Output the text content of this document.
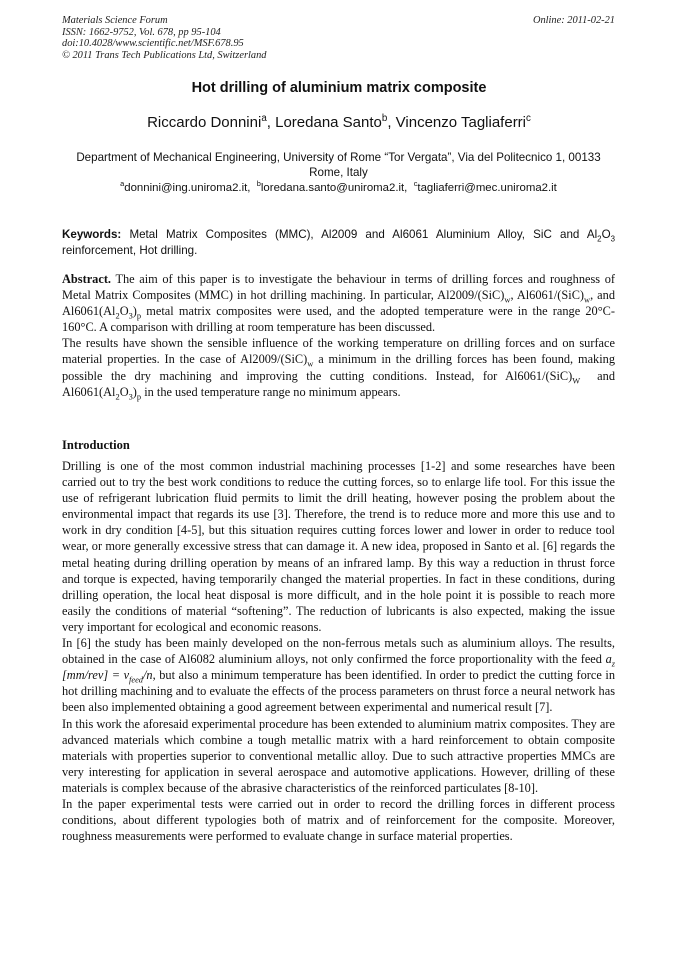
Materials Science Forum
ISSN: 1662-9752, Vol. 678, pp 95-104
doi:10.4028/www.scientific.net/MSF.678.95
© 2011 Trans Tech Publications Ltd, Switzerland
Online: 2011-02-21
Hot drilling of aluminium matrix composite
Riccardo Donnini$^a$, Loredana Santo$^b$, Vincenzo Tagliaferri$^c$
Department of Mechanical Engineering, University of Rome “Tor Vergata”, Via del Politecnico 1, 00133 Rome, Italy
$^a$donnini@ing.uniroma2.it, $^b$loredana.santo@uniroma2.it, $^c$tagliaferri@mec.uniroma2.it
Keywords: Metal Matrix Composites (MMC), Al2009 and Al6061 Aluminium Alloy, SiC and $Al_2O_3$ reinforcement, Hot drilling.

Abstract. The aim of this paper is to investigate the behaviour in terms of drilling forces and roughness of Metal Matrix Composites (MMC) in hot drilling machining. In particular, $Al2009/(SiC)_w$, $Al6061/(SiC)_w$, and $Al6061(Al_2O_3)_p$ metal matrix composites were used, and the adopted temperature were in the range 20°C-160°C. A comparison with drilling at room temperature has been discussed.

The results have shown the sensible influence of the working temperature on drilling forces and on surface material properties. In the case of $Al2009/(SiC)_w$ a minimum in the drilling forces has been found, making possible the dry machining and improving the cutting conditions. Instead, for $Al6061/(SiC)_W$ and $Al6061(Al_2O_3)_p$ in the used temperature range no minimum appears.

Introduction

Drilling is one of the most common industrial machining processes [1-2] and some researches have been carried out to try the best work conditions to reduce the cutting forces, so to enlarge life tool. For this issue the use of refrigerant lubrication fluid permits to limit the drill heating, however posing the problem about the environmental impact that regards its use [3]. Therefore, the trend is to reduce more and more this use and to work in dry condition [4-5], but this situation requires cutting forces lower and lower in order to reduce tool wear, or more generally excessive stress that can damage it. A new idea, proposed in Santo et al. [6] regards the metal heating during drilling operation by means of an infrared lamp. By this way a reduction in thrust force and torque is expected, having temporarily changed the material properties. In fact in these conditions, during drilling operation, the local heat disposal is more difficult, and in the hole point it is possible to reach more easily the conditions of material “softening”. The reduction of lubricants is also expected, making the issue very important for ecological and economic reasons.

In [6] the study has been mainly developed on the non-ferrous metals such as aluminium alloys. The results, obtained in the case of Al6082 aluminium alloys, not only confirmed the force proportionality with the feed $a_z$ $[mm/rev] = v_{feed}/n$, but also a minimum temperature has been identified. In order to predict the cutting force in hot drilling machining and to evaluate the effects of the process parameters on thrust force a neural network has been also implemented obtaining a good agreement between experimental and numerical result [7].

In this work the aforesaid experimental procedure has been extended to aluminium matrix composites. They are advanced materials which combine a tough metallic matrix with a hard reinforcement to obtain composite materials with properties superior to conventional metallic alloy. Due to such attractive properties MMCs are very interesting for application in several aerospace and automotive applications. However, drilling of these materials is complex because of the abrasive characteristics of the reinforced particulates [8-10].

In the paper experimental tests were carried out in order to record the drilling forces in different process conditions, about different typologies both of matrix and of reinforcement for the composite. Moreover, roughness measurements were performed to evaluate change in surface material properties.
